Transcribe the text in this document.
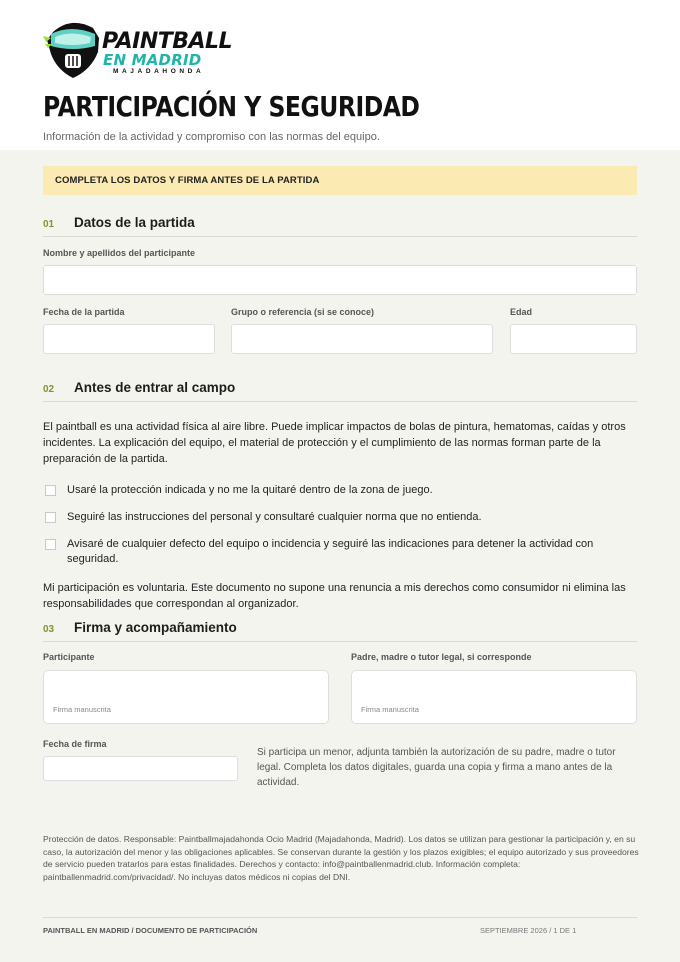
PAINTBALL
EN MADRID
MAJADAHONDA
PARTICIPACIÓN Y SEGURIDAD
Información de la actividad y compromiso con las normas del equipo.
COMPLETA LOS DATOS Y FIRMA ANTES DE LA PARTIDA
01 Datos de la partida
Nombre y apellidos del participante
Fecha de la partida	Grupo o referencia (si se conoce)	Edad
02 Antes de entrar al campo
El paintball es una actividad física al aire libre. Puede implicar impactos de bolas de pintura, hematomas, caídas y otros incidentes. La explicación del equipo, el material de protección y el cumplimiento de las normas forman parte de la preparación de la partida.
Usaré la protección indicada y no me la quitaré dentro de la zona de juego.
Seguiré las instrucciones del personal y consultaré cualquier norma que no entienda.
Avisaré de cualquier defecto del equipo o incidencia y seguiré las indicaciones para detener la actividad con seguridad.
Mi participación es voluntaria. Este documento no supone una renuncia a mis derechos como consumidor ni elimina las responsabilidades que correspondan al organizador.
03 Firma y acompañamiento
Participante
Firma manuscrita
Padre, madre o tutor legal, si corresponde
Firma manuscrita
Fecha de firma
Si participa un menor, adjunta también la autorización de su padre, madre o tutor legal. Completa los datos digitales, guarda una copia y firma a mano antes de la actividad.
Protección de datos. Responsable: Paintballmajadahonda Ocio Madrid (Majadahonda, Madrid). Los datos se utilizan para gestionar la participación y, en su caso, la autorización del menor y las obligaciones aplicables. Se conservan durante la gestión y los plazos exigibles; el equipo autorizado y sus proveedores de servicio pueden tratarlos para estas finalidades. Derechos y contacto: info@paintballenmadrid.club. Información completa: paintballenmadrid.com/privacidad/. No incluyas datos médicos ni copias del DNI.
PAINTBALL EN MADRID / DOCUMENTO DE PARTICIPACIÓN	SEPTIEMBRE 2026 / 1 DE 1
